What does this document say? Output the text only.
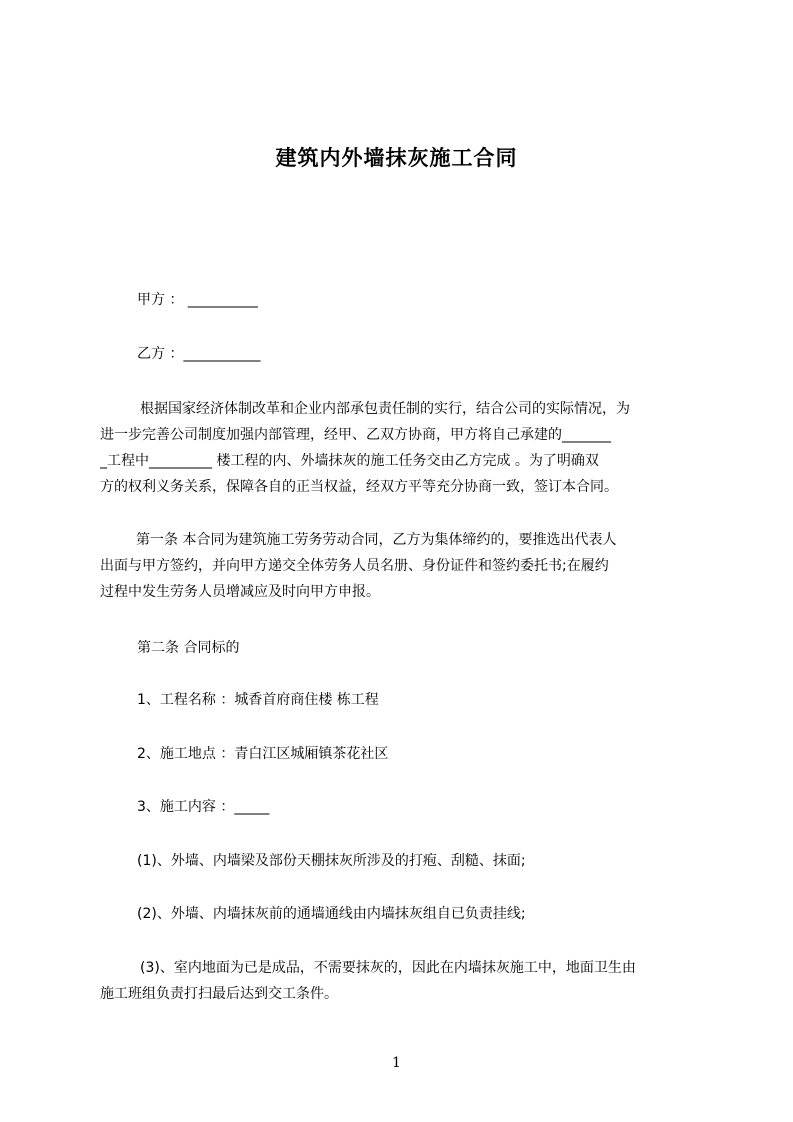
建筑内外墙抹灰施工合同
甲方 ： __________
乙方 ：___________
根据国家经济体制改革和企业内部承包责任制的实行，结合公司的实际情况，为
进一步完善公司制度加强内部管理，经甲、乙双方协商，甲方将自己承建的_______
_工程中_________ 楼工程的内、外墙抹灰的施工任务交由乙方完成 。为了明确双
方的权利义务关系，保障各自的正当权益，经双方平等充分协商一致，签订本合同。
第一条 本合同为建筑施工劳务劳动合同，乙方为集体缔约的，要推选出代表人
出面与甲方签约，并向甲方递交全体劳务人员名册、身份证件和签约委托书;在履约
过程中发生劳务人员增减应及时向甲方申报。
第二条 合同标的
1、工程名称 ：城香首府商住楼 栋工程
2、施工地点 ：青白江区城厢镇茶花社区
3、施工内容 ：_____
(1)、外墙、内墙梁及部份天棚抹灰所涉及的打疱、刮糙、抹面;
(2)、外墙、内墙抹灰前的通墙通线由内墙抹灰组自已负责挂线;
(3)、室内地面为已是成品，不需要抹灰的，因此在内墙抹灰施工中，地面卫生由
施工班组负责打扫最后达到交工条件。
1
